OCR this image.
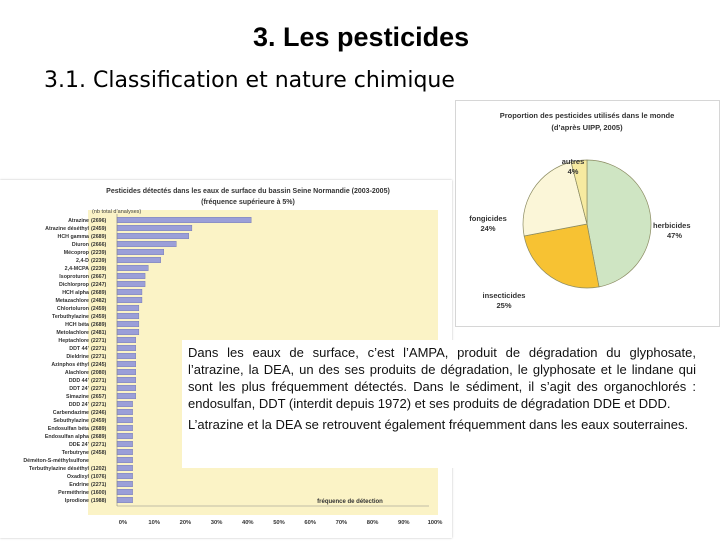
3. Les pesticides
3.1. Classification et nature chimique
Pesticides détectés dans les eaux de surface du bassin Seine Normandie (2003-2005)
(fréquence supérieure à 5%)
(nb total d’analyses)
fréquence de détection
Atrazine (2696)
Atrazine déséthyl (2459)
HCH gamma (2689)
Diuron (2666)
Mécoprop (2239)
2,4-D (2239)
2,4-MCPA (2239)
Isoproturon (2667)
Dichlorprop (2247)
HCH alpha (2689)
Metazachlore (2482)
Chlortoluron (2459)
Terbuthylazine (2459)
HCH béta (2689)
Metolachlore (2481)
Heptachlore (2271)
DDT 44’ (2271)
Dieldrine (2271)
Azinphos éthyl (2245)
Alachlore (2080)
DDD 44’ (2271)
DDT 24’ (2271)
Simazine (2657)
DDD 24’ (2271)
Carbendazime (2246)
Sebuthylazine (2459)
Endosulfan béta (2689)
Endosulfan alpha (2689)
DDE 24’ (2271)
Terbutryne (2458)
Déméton-S-méthylsulfone
Terbuthylazine déséthyl (1202)
Oxadixyl (1076)
Endrine (2271)
Perméthrine (1600)
Iprodione (1988)
0%	10%	20%	30%	40%	50%	60%	70%	80%	90%	100%
Proportion des pesticides utilisés dans le monde
(d’après UIPP, 2005)
herbicides
47%
insecticides
25%
fongicides
24%
autres
4%

Dans les eaux de surface, c’est l’AMPA, produit de dégradation du glyphosate, l’atrazine, la DEA, un des ses produits de dégradation, le glyphosate et le lindane qui sont les plus fréquemment détectés. Dans le sédiment, il s’agit des organochlorés : endosulfan, DDT (interdit depuis 1972) et ses produits de dégradation DDE et DDD.

L’atrazine et la DEA se retrouvent également fréquemment dans les eaux souterraines.
